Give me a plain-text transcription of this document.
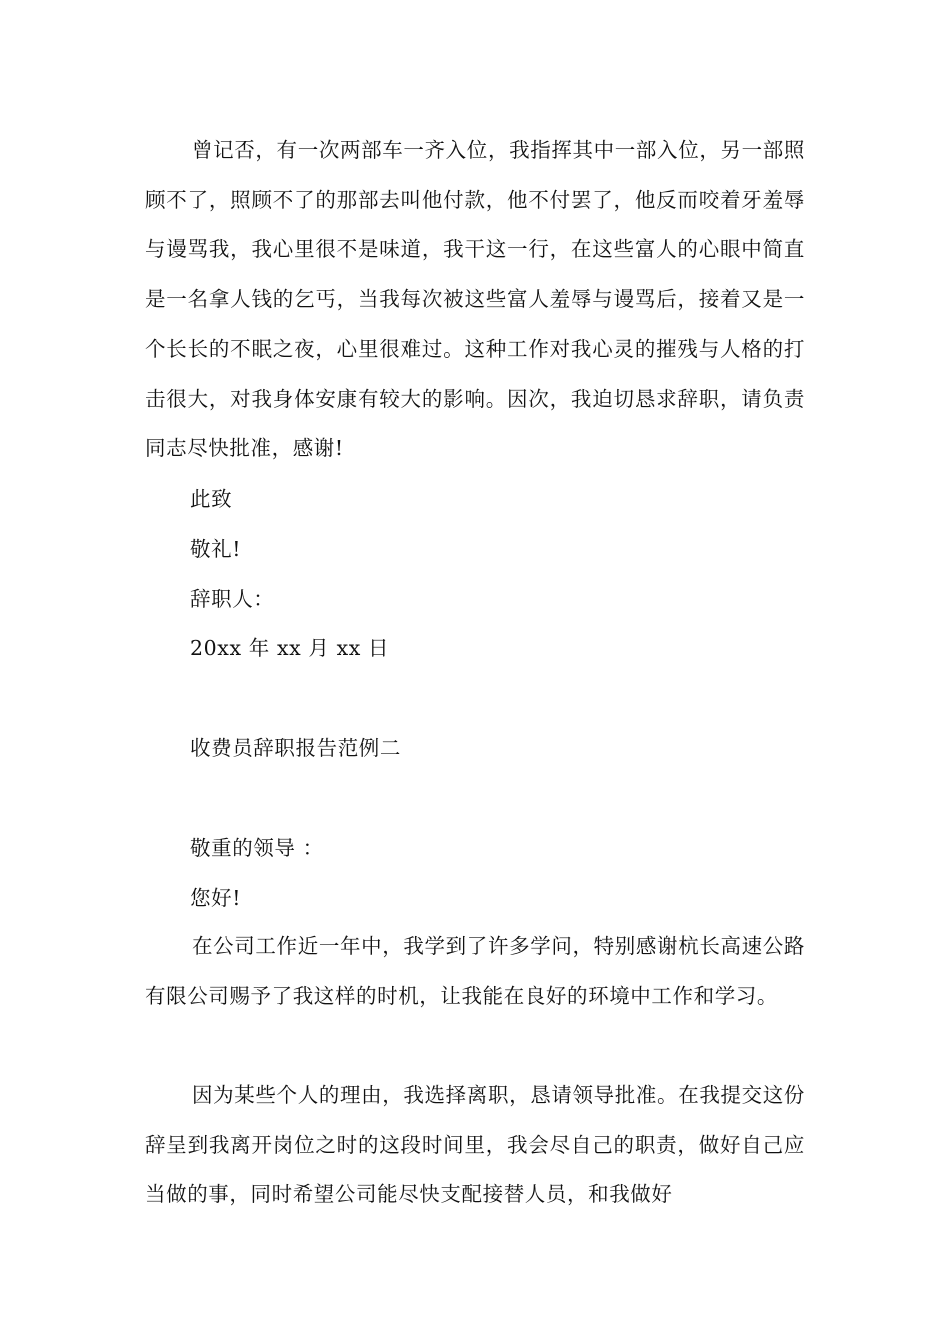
曾记否，有一次两部车一齐入位，我指挥其中一部入位，另一部照顾不了，照顾不了的那部去叫他付款，他不付罢了，他反而咬着牙羞辱与谩骂我，我心里很不是味道，我干这一行，在这些富人的心眼中简直是一名拿人钱的乞丐，当我每次被这些富人羞辱与谩骂后，接着又是一个长长的不眠之夜，心里很难过。这种工作对我心灵的摧残与人格的打击很大，对我身体安康有较大的影响。因次，我迫切恳求辞职，请负责同志尽快批准，感谢!

此致

敬礼!

辞职人：

20xx 年 xx 月 xx 日

收费员辞职报告范例二

敬重的领导 ：

您好!

在公司工作近一年中，我学到了许多学问，特别感谢杭长高速公路有限公司赐予了我这样的时机，让我能在良好的环境中工作和学习。

因为某些个人的理由，我选择离职，恳请领导批准。在我提交这份辞呈到我离开岗位之时的这段时间里，我会尽自己的职责，做好自己应当做的事，同时希望公司能尽快支配接替人员，和我做好
